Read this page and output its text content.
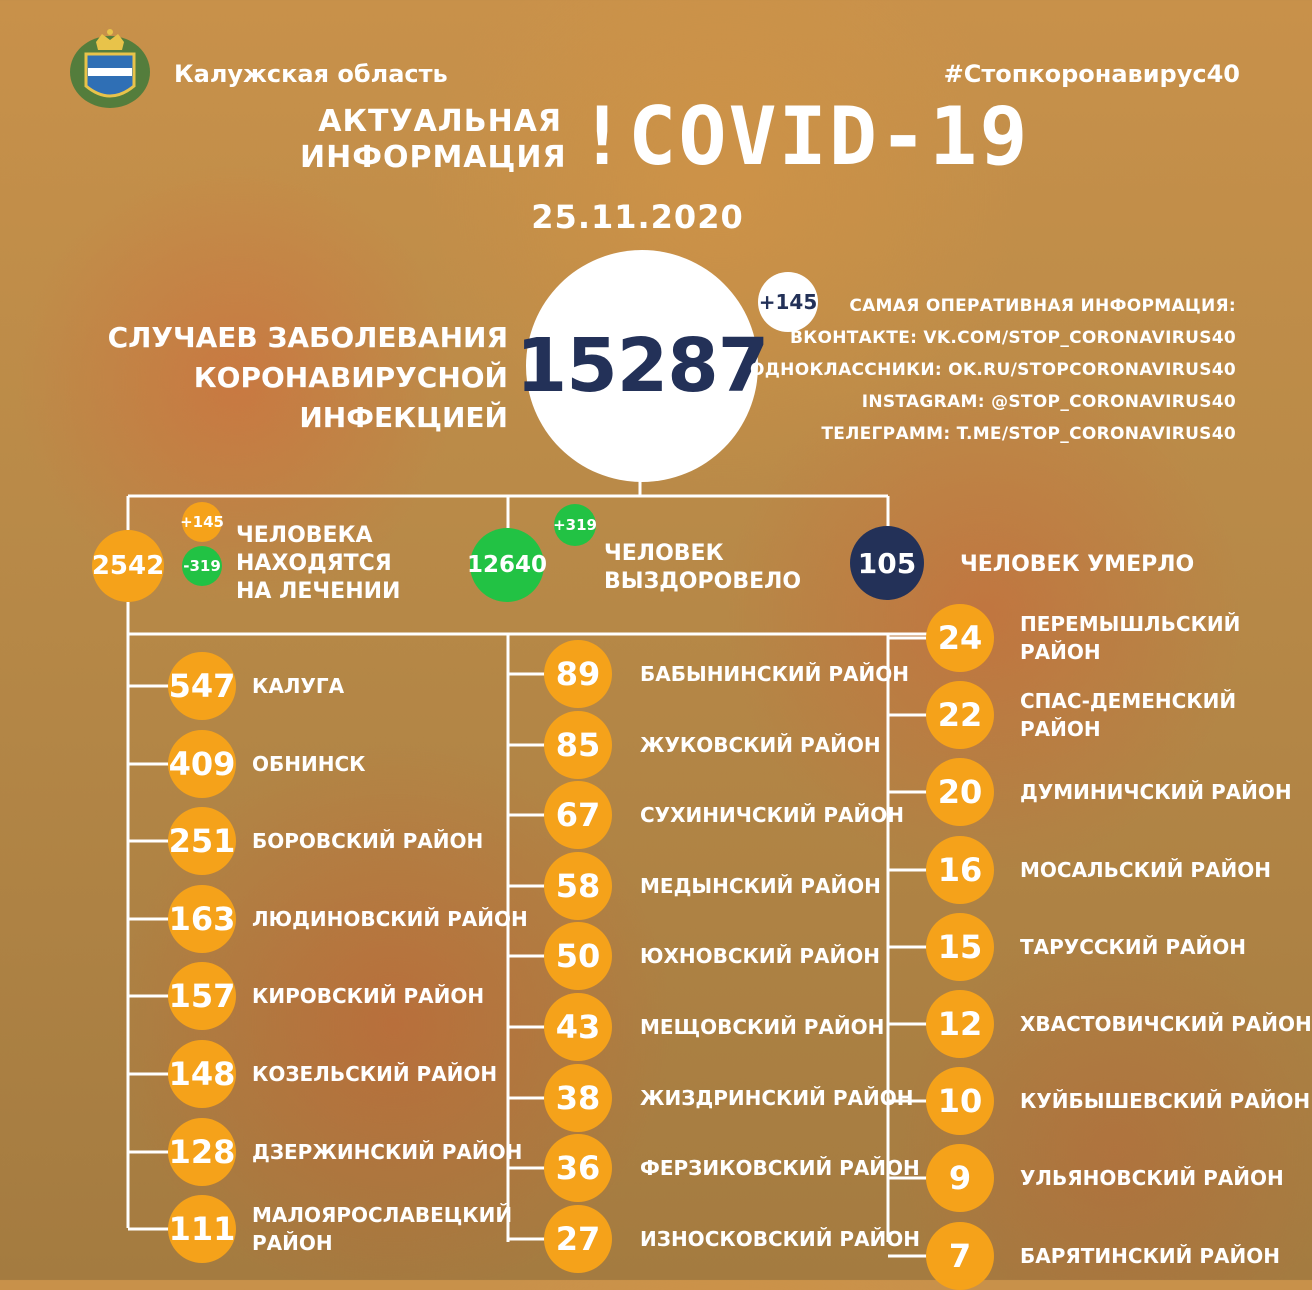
Калужская область	#Стопкоронавирус40
АКТУАЛЬНАЯ
ИНФОРМАЦИЯ !COVID-19
25.11.2020
СЛУЧАЕВ ЗАБОЛЕВАНИЯ
КОРОНАВИРУСНОЙ ИНФЕКЦИЕЙ
15287
+145	САМАЯ ОПЕРАТИВНАЯ ИНФОРМАЦИЯ:
ВКОНТАКТЕ: VK.COM/STOP_CORONAVIRUS40
ОДНОКЛАССНИКИ: OK.RU/STOPCORONAVIRUS40
INSTAGRAM: @STOP_CORONAVIRUS40
ТЕЛЕГРАММ: T.ME/STOP_CORONAVIRUS40
2542
+145
-319
ЧЕЛОВЕКА
НАХОДЯТСЯ
НА ЛЕЧЕНИИ
12640
+319
ЧЕЛОВЕК
ВЫЗДОРОВЕЛО
105	ЧЕЛОВЕК УМЕРЛО
547 КАЛУГА
409 ОБНИНСК
251 БОРОВСКИЙ РАЙОН
163 ЛЮДИНОВСКИЙ РАЙОН
157 КИРОВСКИЙ РАЙОН
148 КОЗЕЛЬСКИЙ РАЙОН
128 ДЗЕРЖИНСКИЙ РАЙОН
111 МАЛОЯРОСЛАВЕЦКИЙ
РАЙОН
89	БАБЫНИНСКИЙ РАЙОН
85	ЖУКОВСКИЙ РАЙОН
67	СУХИНИЧСКИЙ РАЙОН
58	МЕДЫНСКИЙ РАЙОН
50	ЮХНОВСКИЙ РАЙОН
43	МЕЩОВСКИЙ РАЙОН
38	ЖИЗДРИНСКИЙ РАЙОН
36	ФЕРЗИКОВСКИЙ РАЙОН
27	ИЗНОСКОВСКИЙ РАЙОН
24	ПЕРЕМЫШЛЬСКИЙ
РАЙОН
22	СПАС-ДЕМЕНСКИЙ
РАЙОН
20	ДУМИНИЧСКИЙ РАЙОН
16	МОСАЛЬСКИЙ РАЙОН
15	ТАРУССКИЙ РАЙОН
12	ХВАСТОВИЧСКИЙ РАЙОН
10	КУЙБЫШЕВСКИЙ РАЙОН
9	УЛЬЯНОВСКИЙ РАЙОН
7	БАРЯТИНСКИЙ РАЙОН
